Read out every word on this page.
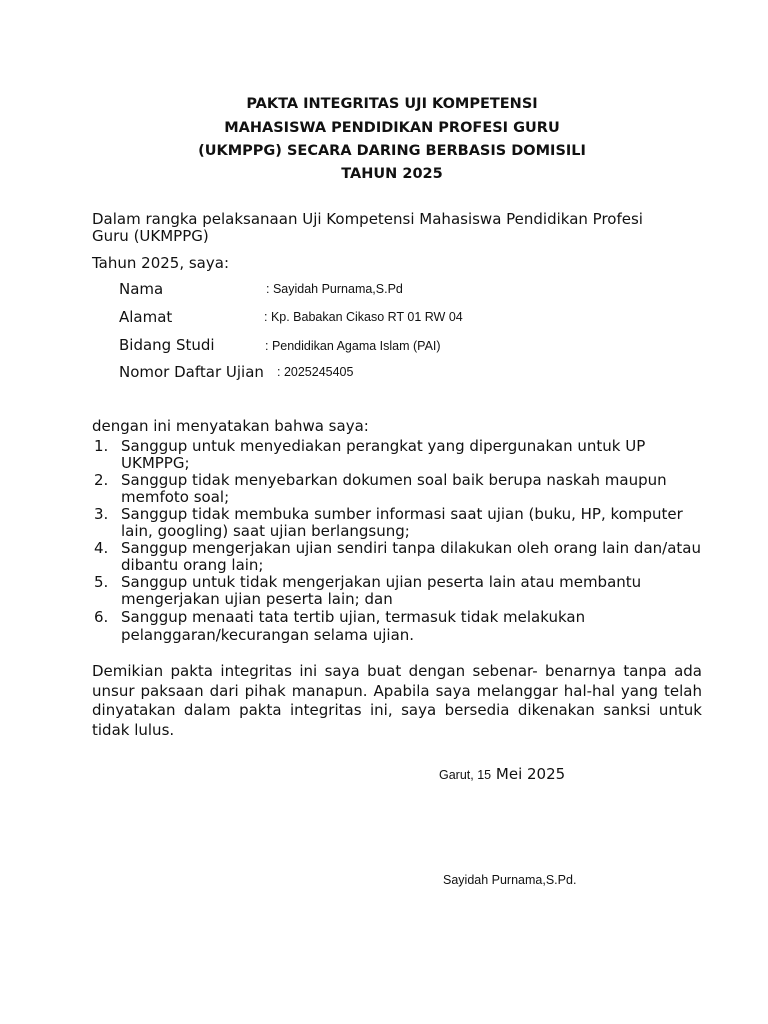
PAKTA INTEGRITAS UJI KOMPETENSI
MAHASISWA PENDIDIKAN PROFESI GURU
(UKMPPG) SECARA DARING BERBASIS DOMISILI
TAHUN 2025
Dalam rangka pelaksanaan Uji Kompetensi Mahasiswa Pendidikan Profesi
Guru (UKMPPG)
Tahun 2025, saya:
Nama	: Sayidah Purnama,S.Pd
Alamat	: Kp. Babakan Cikaso RT 01 RW 04
Bidang Studi	: Pendidikan Agama Islam (PAI)
Nomor Daftar Ujian : 2025245405
dengan ini menyatakan bahwa saya:
1. Sanggup untuk menyediakan perangkat yang dipergunakan untuk UP UKMPPG;
2. Sanggup tidak menyebarkan dokumen soal baik berupa naskah maupun memfoto soal;
3. Sanggup tidak membuka sumber informasi saat ujian (buku, HP, komputer lain, googling) saat ujian berlangsung;
4. Sanggup mengerjakan ujian sendiri tanpa dilakukan oleh orang lain dan/atau dibantu orang lain;
5. Sanggup untuk tidak mengerjakan ujian peserta lain atau membantu mengerjakan ujian peserta lain; dan
6. Sanggup menaati tata tertib ujian, termasuk tidak melakukan pelanggaran/kecurangan selama ujian.
Demikian pakta integritas ini saya buat dengan sebenar- benarnya tanpa ada unsur paksaan dari pihak manapun. Apabila saya melanggar hal-hal yang telah dinyatakan dalam pakta integritas ini, saya bersedia dikenakan sanksi untuk tidak lulus.
Garut, 15 Mei 2025
Sayidah Purnama,S.Pd.
